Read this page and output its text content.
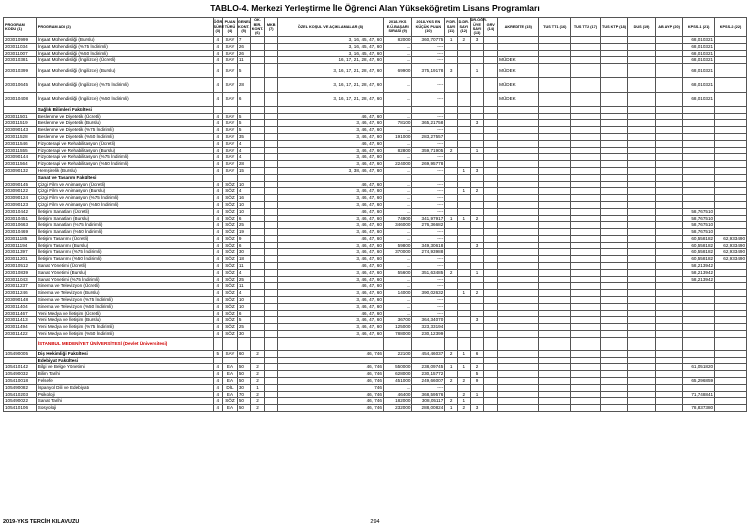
TABLO-4. Merkezi Yerleştirme İle Öğrenci Alan Yükseköğretim Lisans Programları
PROGRAM KODU (1)	PROGRAM ADI (2)	ÖĞR. SÜRE (3)	PUAN TÜRÜ (4)	GENEL KONT. (5)	OK. BİR. KONT. (6)	MKB (7)	ÖZEL KOŞUL VE AÇIKLAMALAR (8)	2018-YKS E.Ü.BAŞARI SIRASI (9)	2018-YKS EN KÜÇÜK PUAN (10)	P.DR. SAYI (11)	D.DR. SAYI (12)	DR.ÖĞR. ÜYE SAYI (13)	GRV (14)	AKREDİTE (15)	TUS TT1 (16)	TUS TT2 (17)	TUS KTP (18)	DUS (19)	AB AYP (20)	KPSS-1 (21)	KPSS-2 (22)
203010999	İnşaat Mühendisliği (Burslu)	4	SAY	7			3, 16, 45, 47, 60	82000	360,70775	1	2	3								68,010321	
203011034	İnşaat Mühendisliği (%75 İndirimli)	4	SAY	26			3, 16, 45, 47, 60	...	----											68,010321	
203011007	İnşaat Mühendisliği (%50 İndirimli)	4	SAY	26			3, 16, 45, 47, 60	...	----											68,010321	
203010381	İnşaat Mühendisliği (İngilizce) (Ücretli)	4	SAY	11			16, 17, 21, 28, 47, 60	...	----					MÜDEK						68,010321	
203010399	İnşaat Mühendisliği (İngilizce) (Burslu)	4	SAY	5			3, 16, 17, 21, 28, 47, 60	69900	375,19178	3		1		MÜDEK						68,010321	
203010645	İnşaat Mühendisliği (İngilizce) (%75 İndirimli)	4	SAY	28			3, 16, 17, 21, 28, 47, 60	...	----					MÜDEK						68,010321	
203010408	İnşaat Mühendisliği (İngilizce) (%50 İndirimli)	4	SAY	6			3, 16, 17, 21, 28, 47, 60	...	----					MÜDEK						68,010321	
	Sağlık Bilimleri Fakültesi																				
203011501	Beslenme ve Diyetetik (Ücretli)	4	SAY	5			46, 47, 60	...	----												
203011519	Beslenme ve Diyetetik (Burslu)	4	SAY	5			3, 46, 47, 60	78100	365,21758			3									
203090143	Beslenme ve Diyetetik (%75 İndirimli)	4	SAY	5			3, 46, 47, 60	...	----												
203011528	Beslenme ve Diyetetik (%50 İndirimli)	4	SAY	35			3, 46, 47, 60	191000	283,27557												
203011546	Fizyoterapi ve Rehabilitasyon (Ücretli)	4	SAY	4			46, 47, 60	...	----												
203011555	Fizyoterapi ve Rehabilitasyon (Burslu)	4	SAY	4			3, 46, 47, 60	82800	359,71905	2		1									
203090144	Fizyoterapi ve Rehabilitasyon (%75 İndirimli)	4	SAY	4			3, 46, 47, 60	...	----												
203011564	Fizyoterapi ve Rehabilitasyon (%50 İndirimli)	4	SAY	28			3, 46, 47, 60	224000	269,95778												
203090132	Hemşirelik (Burslu)	4	SAY	15			3, 38, 46, 47, 60	...	----		1	3									
	Sanat ve Tasarım Fakültesi																				
203090145	Çizgi Film ve Animasyon (Ücretli)	4	SÖZ	10			46, 47, 60	...	----												
203090122	Çizgi Film ve Animasyon (Burslu)	4	SÖZ	4			3, 46, 47, 60	...	----		1	2									
203090124	Çizgi Film ve Animasyon (%75 İndirimli)	4	SÖZ	16			3, 46, 47, 60	...	----												
203090123	Çizgi Film ve Animasyon (%50 İndirimli)	4	SÖZ	10			3, 46, 47, 60	...	----												
203010442	İletişim Sanatları (Ücretli)	4	SÖZ	10			46, 47, 60	...	----											58,767510	
203010451	İletişim Sanatları (Burslu)	4	SÖZ	6			3, 46, 47, 60	74900	341,97917	1	1	2								58,767510	
203010663	İletişim Sanatları (%75 İndirimli)	4	SÖZ	25			3, 46, 47, 60	346000	276,36682											58,767510	
203010469	İletişim Sanatları (%50 İndirimli)	4	SÖZ	19			3, 46, 47, 60	...	----											58,767510	
203011185	İletişim Tasarımı (Ücretli)	4	SÖZ	9			46, 47, 60	...	----											60,558182	62,933490
203011194	İletişim Tasarımı (Burslu)	4	SÖZ	6			3, 46, 47, 60	59800	349,30618			3								60,558182	62,933490
203011397	İletişim Tasarımı (%75 İndirimli)	4	SÖZ	30			3, 46, 47, 60	370000	274,93988											60,558182	62,933490
203011201	İletişim Tasarımı (%50 İndirimli)	4	SÖZ	18			3, 46, 47, 60	...	----											60,558182	62,933490
203010512	Sanat Yönetimi (Ücretli)	4	SÖZ	11			46, 47, 60	...	----											58,213942	
203010839	Sanat Yönetimi (Burslu)	4	SÖZ	4			3, 46, 47, 60	55600	351,63485	2		1								58,213942	
203011043	Sanat Yönetimi (%75 İndirimli)	4	SÖZ	25			3, 46, 47, 60	...	----											58,213942	
203011237	Sinema ve Televizyon (Ücretli)	4	SÖZ	11			46, 47, 60	...	----												
203011246	Sinema ve Televizyon (Burslu)	4	SÖZ	4			3, 46, 47, 60	14000	390,02632		1	2									
203090148	Sinema ve Televizyon (%75 İndirimli)	4	SÖZ	10			3, 46, 47, 60	...	----												
203011404	Sinema ve Televizyon (%50 İndirimli)	4	SÖZ	10			3, 46, 47, 60	...	----												
203011467	Yeni Medya ve İletişim (Ücretli)	4	SÖZ	6			46, 47, 60	...	----												
203011413	Yeni Medya ve İletişim (Burslu)	4	SÖZ	5			3, 46, 47, 60	36700	364,34070			3									
203011494	Yeni Medya ve İletişim (%75 İndirimli)	4	SÖZ	25			3, 46, 47, 60	125000	323,33194												
203011422	Yeni Medya ve İletişim (%50 İndirimli)	4	SÖZ	30			3, 46, 47, 60	788000	230,12399												
	İSTANBUL MEDENİYET ÜNİVERSİTESİ (Devlet Üniversitesi)																				
105490005	Diş Hekimliği Fakültesi	5	SAY	60	2		46, 746	22100	454,46037	2	1	6									
	Edebiyat Fakültesi																				
105410142	Bilgi ve Belge Yönetimi	4	EA	50	2		46, 746	550000	238,09745	1	1	2								61,051820	
105490032	Bilim Tarihi	4	EA	50	2		46, 746	628000	230,15772			5									
105410018	Felsefe	4	EA	50	2		46, 746	451000	249,66007	2	2	9								65,296859	
105490082	İspanyol Dili ve Edebiyatı	4	DİL	30	1		746	...	----												
105410203	Psikoloji	4	EA	70	2		46, 746	46400	368,59576		2	1								71,748841	
105490022	Sanat Tarihi	4	SÖZ	50	2		46, 746	182000	308,05117	2	1										
105410106	Sosyoloji	4	EA	50	2		46, 746	232000	288,00824	1	2	3								78,837380	
2019-YKS TERCİH KILAVUZU	294
